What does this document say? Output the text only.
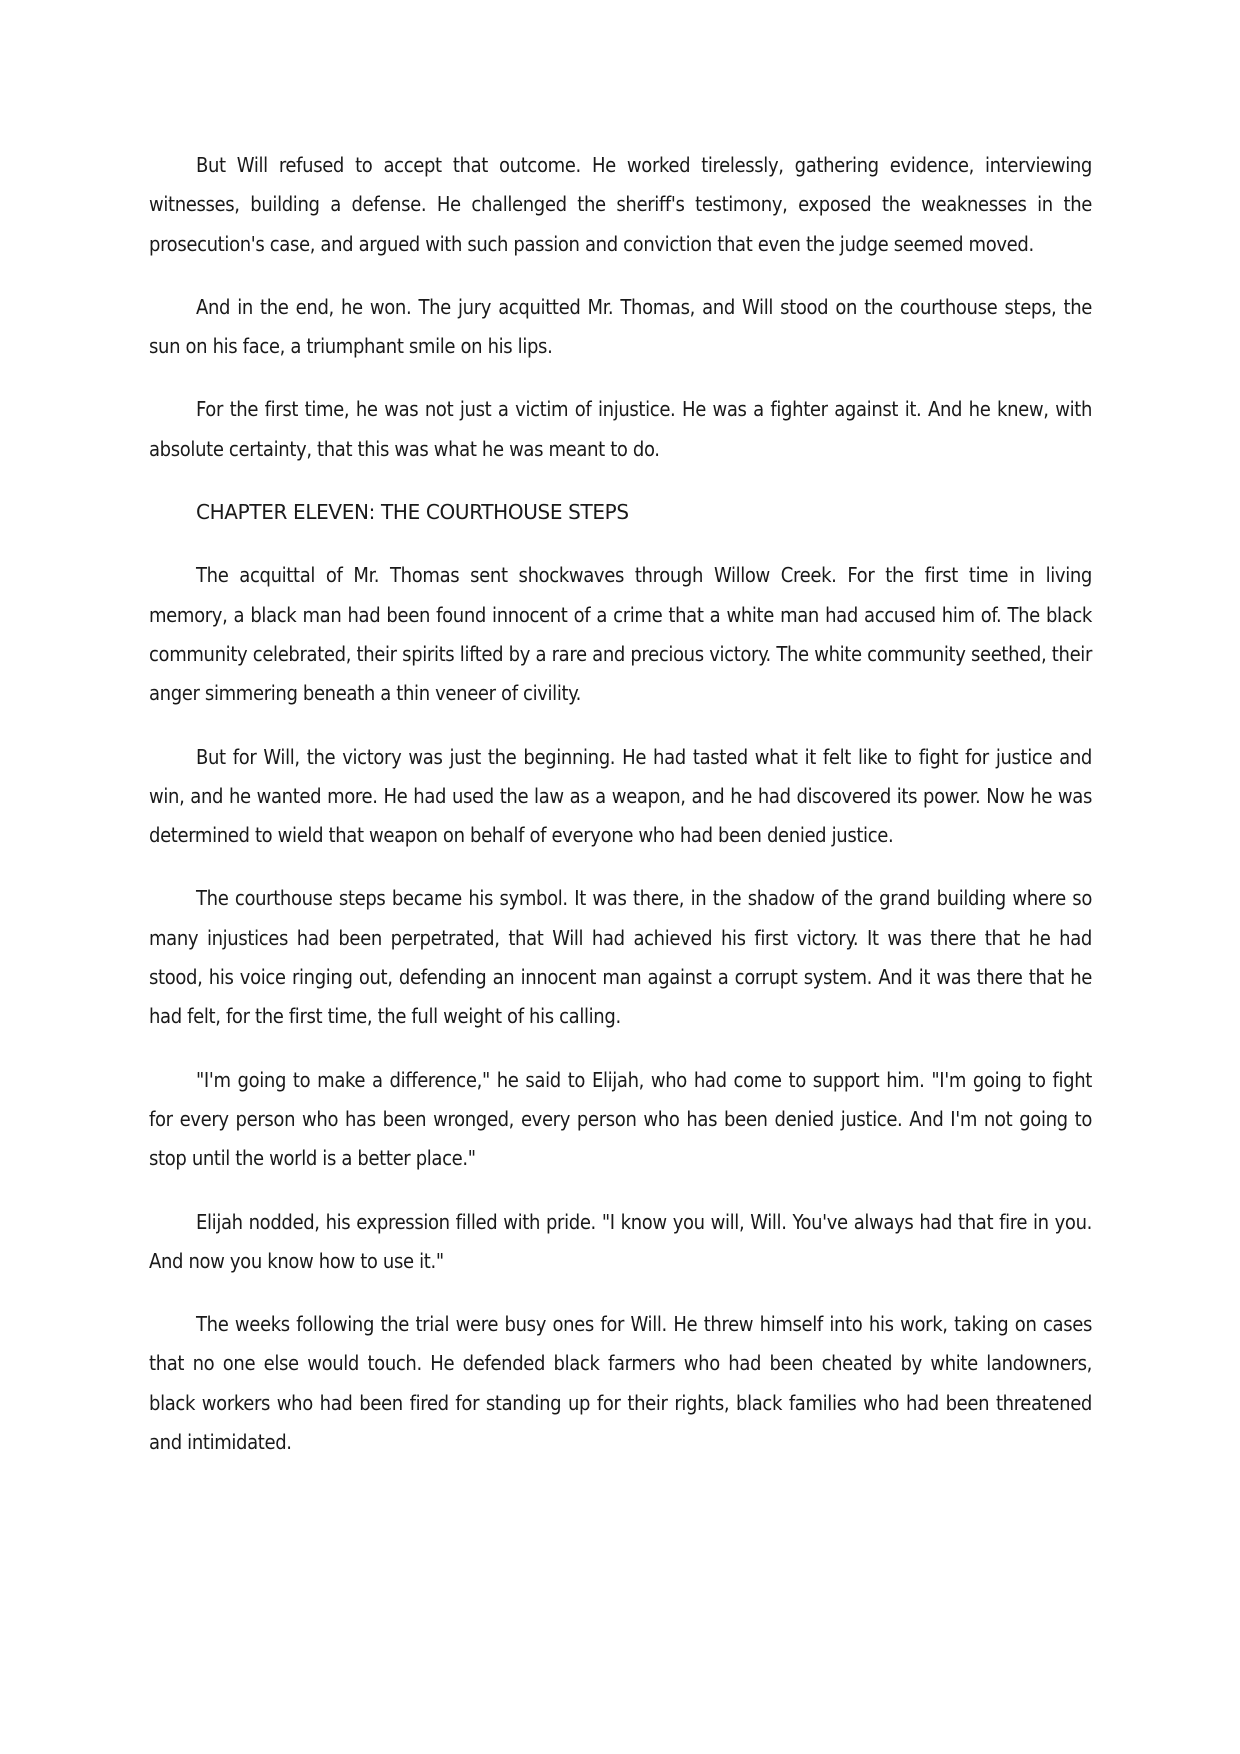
But Will refused to accept that outcome. He worked tirelessly, gathering evidence, interviewing witnesses, building a defense. He challenged the sheriff's testimony, exposed the weaknesses in the prosecution's case, and argued with such passion and conviction that even the judge seemed moved.

And in the end, he won. The jury acquitted Mr. Thomas, and Will stood on the courthouse steps, the sun on his face, a triumphant smile on his lips.

For the first time, he was not just a victim of injustice. He was a fighter against it. And he knew, with absolute certainty, that this was what he was meant to do.

CHAPTER ELEVEN: THE COURTHOUSE STEPS

The acquittal of Mr. Thomas sent shockwaves through Willow Creek. For the first time in living memory, a black man had been found innocent of a crime that a white man had accused him of. The black community celebrated, their spirits lifted by a rare and precious victory. The white community seethed, their anger simmering beneath a thin veneer of civility.

But for Will, the victory was just the beginning. He had tasted what it felt like to fight for justice and win, and he wanted more. He had used the law as a weapon, and he had discovered its power. Now he was determined to wield that weapon on behalf of everyone who had been denied justice.

The courthouse steps became his symbol. It was there, in the shadow of the grand building where so many injustices had been perpetrated, that Will had achieved his first victory. It was there that he had stood, his voice ringing out, defending an innocent man against a corrupt system. And it was there that he had felt, for the first time, the full weight of his calling.

"I'm going to make a difference," he said to Elijah, who had come to support him. "I'm going to fight for every person who has been wronged, every person who has been denied justice. And I'm not going to stop until the world is a better place."

Elijah nodded, his expression filled with pride. "I know you will, Will. You've always had that fire in you. And now you know how to use it."

The weeks following the trial were busy ones for Will. He threw himself into his work, taking on cases that no one else would touch. He defended black farmers who had been cheated by white landowners, black workers who had been fired for standing up for their rights, black families who had been threatened and intimidated.
